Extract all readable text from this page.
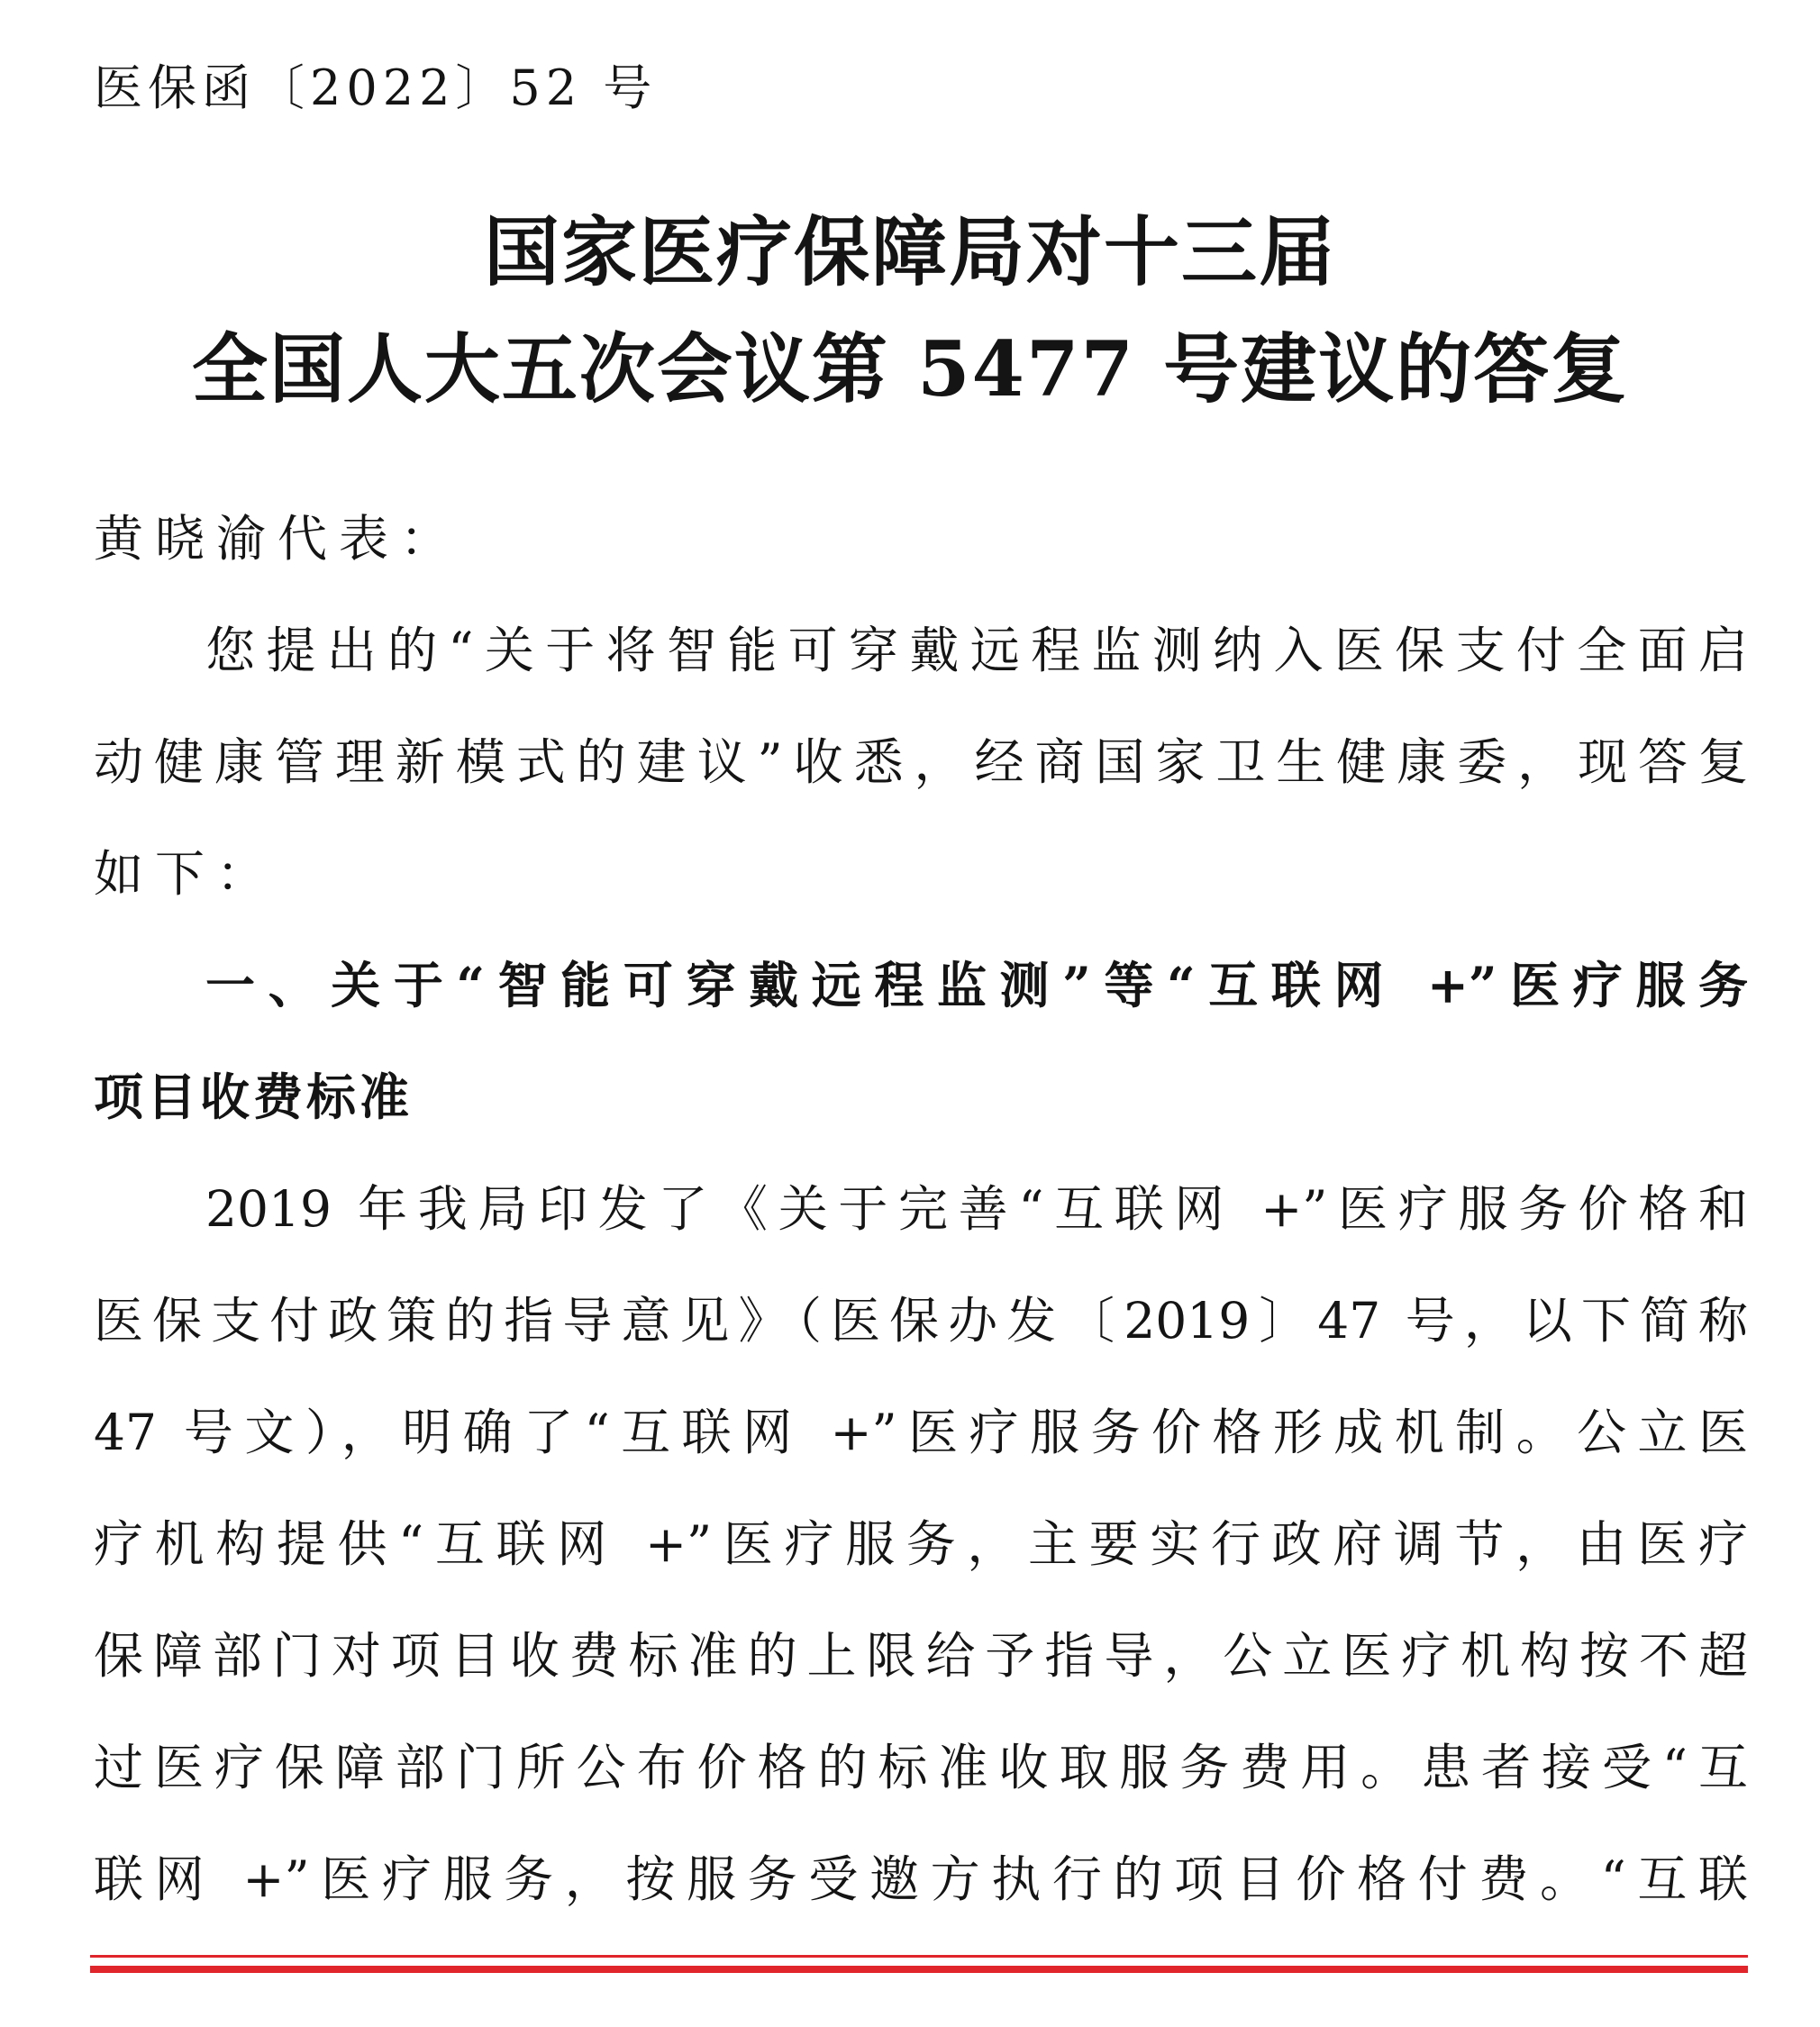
医保函〔2022〕52 号
国家医疗保障局对十三届
全国人大五次会议第 5477 号建议的答复
黄晓渝代表：
您提出的“关于将智能可穿戴远程监测纳入医保支付全面启
动健康管理新模式的建议”收悉，经商国家卫生健康委，现答复
如下：
一、关于“智能可穿戴远程监测”等“互联网 +”医疗服务
项目收费标准
2019 年我局印发了《关于完善“互联网 +”医疗服务价格和
医保支付政策的指导意见》（医保办发〔2019〕47 号，以下简称
47 号文），明确了“互联网 +”医疗服务价格形成机制。公立医
疗机构提供“互联网 +”医疗服务，主要实行政府调节，由医疗
保障部门对项目收费标准的上限给予指导，公立医疗机构按不超
过医疗保障部门所公布价格的标准收取服务费用。患者接受“互
联网 +”医疗服务，按服务受邀方执行的项目价格付费。“互联
